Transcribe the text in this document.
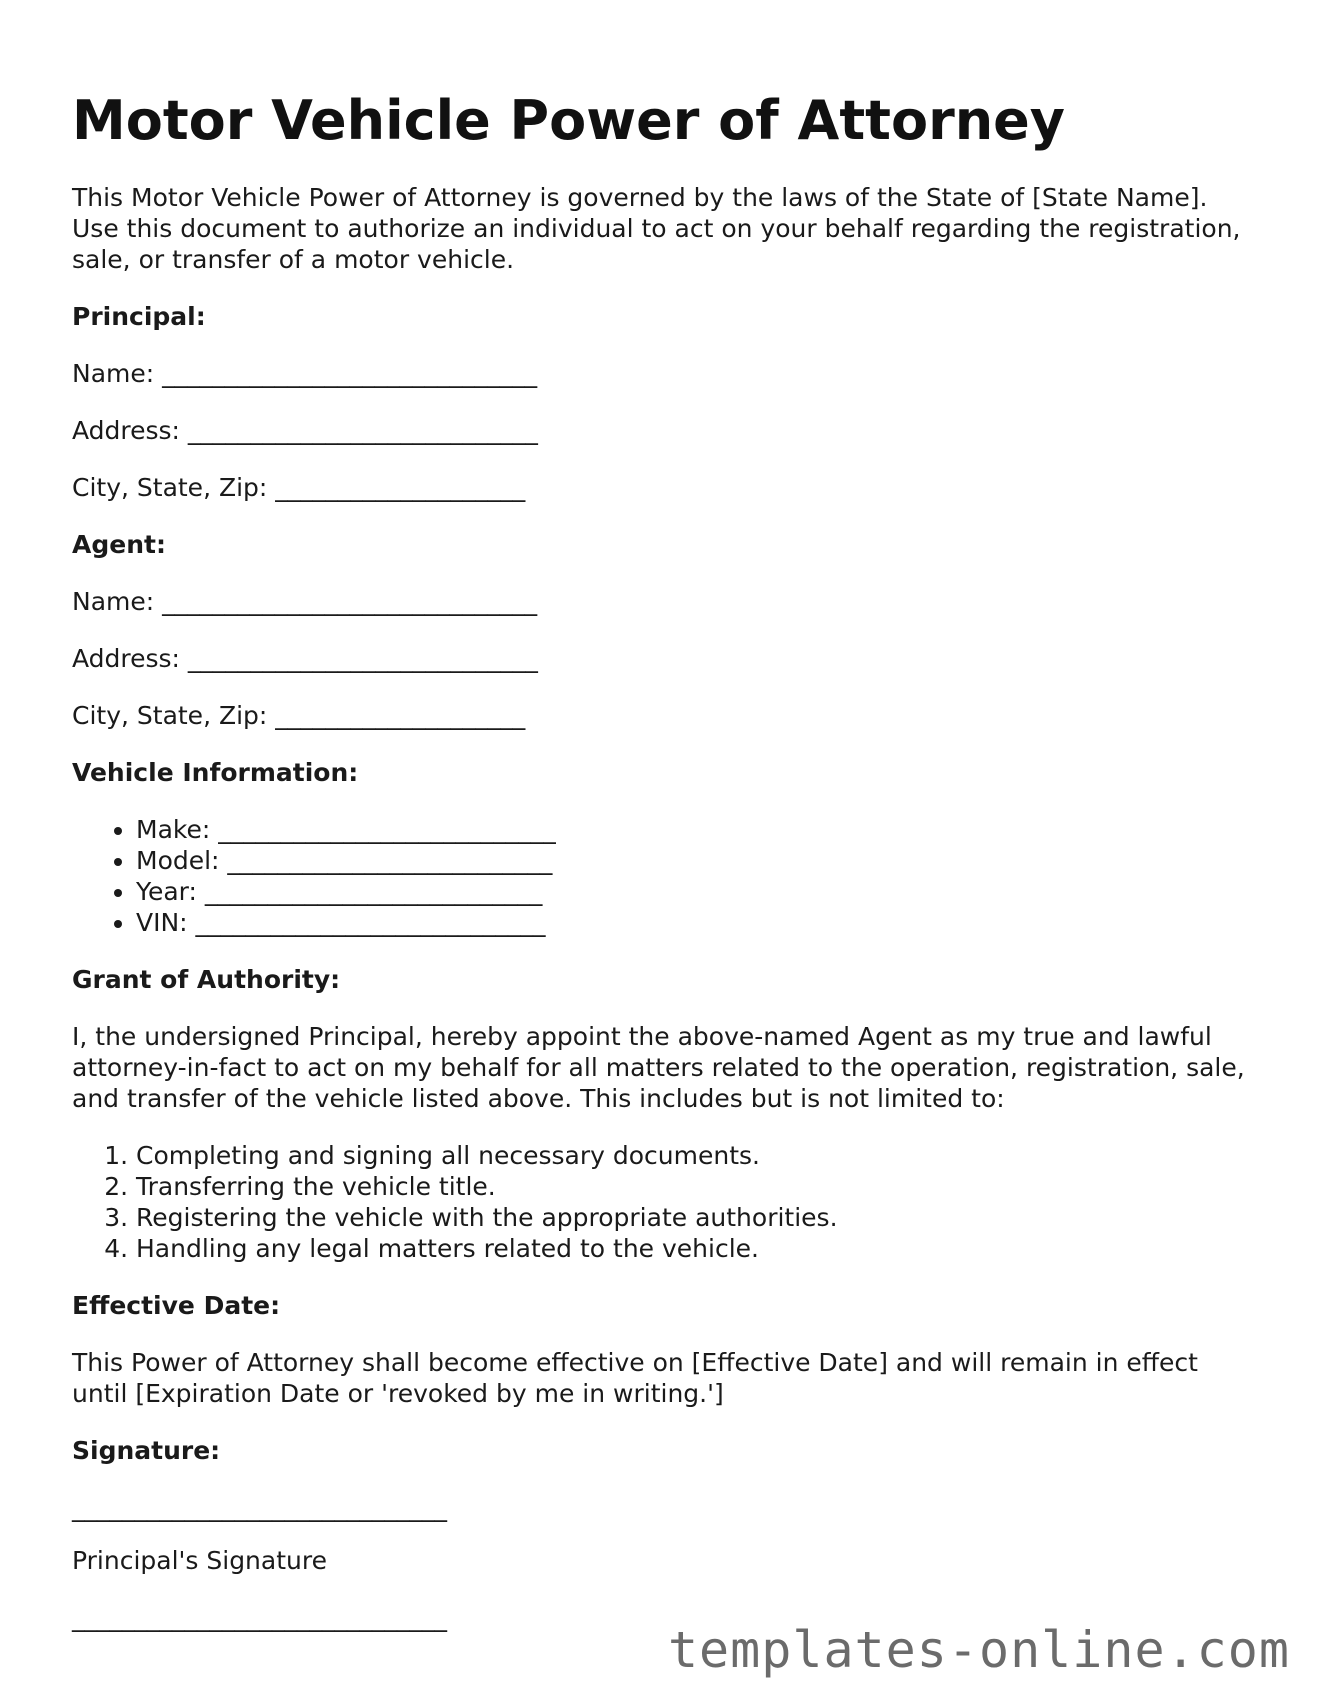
Motor Vehicle Power of Attorney

This Motor Vehicle Power of Attorney is governed by the laws of the State of [State Name]. Use this document to authorize an individual to act on your behalf regarding the registration, sale, or transfer of a motor vehicle.

Principal:
Name: ______________________________
Address: ____________________________
City, State, Zip: ____________________
Agent:
Name: ______________________________
Address: ____________________________
City, State, Zip: ____________________
Vehicle Information:
• Make: ___________________________
• Model: __________________________
• Year: ___________________________
• VIN: ____________________________
Grant of Authority:

I, the undersigned Principal, hereby appoint the above-named Agent as my true and lawful attorney-in-fact to act on my behalf for all matters related to the operation, registration, sale, and transfer of the vehicle listed above. This includes but is not limited to:

1. Completing and signing all necessary documents.
2. Transferring the vehicle title.
3. Registering the vehicle with the appropriate authorities.
4. Handling any legal matters related to the vehicle.
Effective Date:

This Power of Attorney shall become effective on [Effective Date] and will remain in effect until [Expiration Date or 'revoked by me in writing.']

Signature:
______________________________
Principal's Signature
______________________________
templates-online.com
